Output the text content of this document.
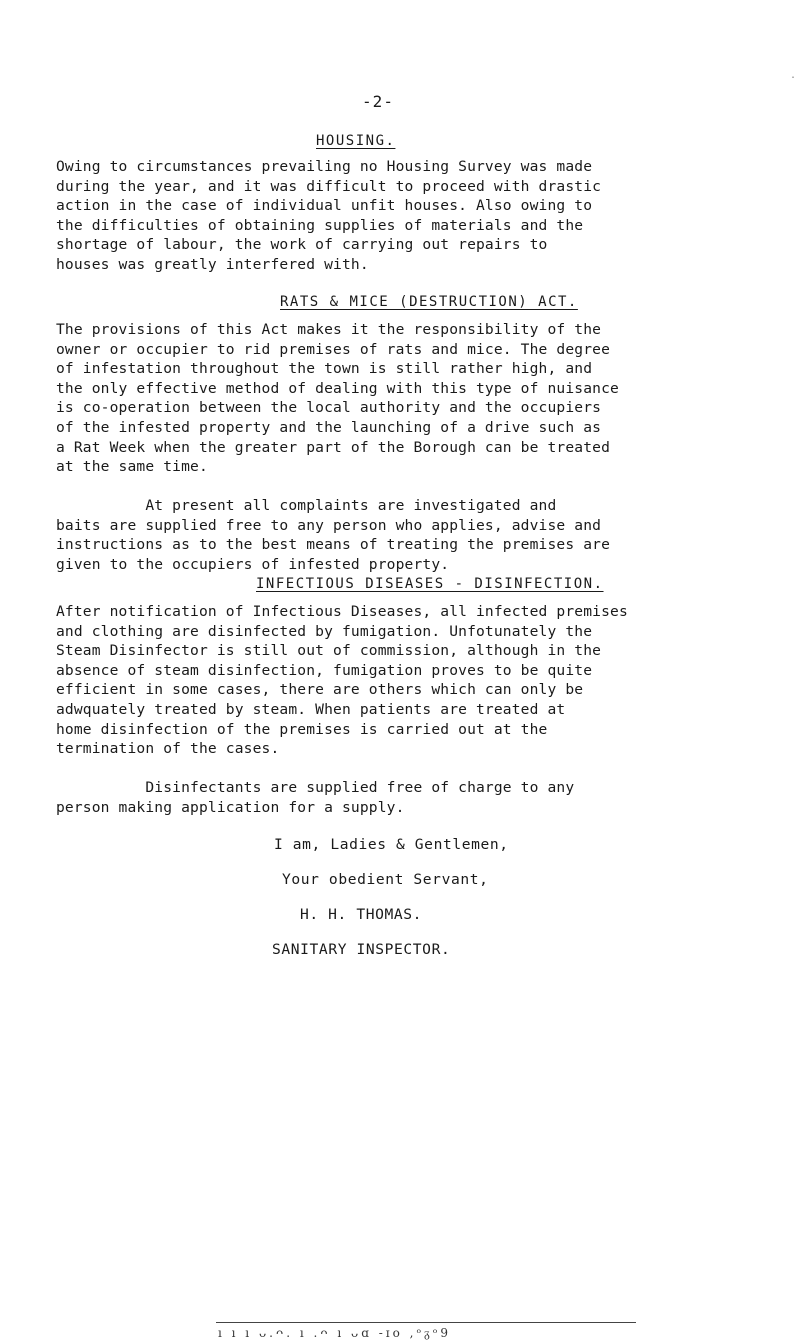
.
-2-
HOUSING.

Owing to circumstances prevailing no Housing Survey was made
during the year, and it was difficult to proceed with drastic
action in the case of individual unfit houses. Also owing to
the difficulties of obtaining supplies of materials and the
shortage of labour, the work of carrying out repairs to
houses was greatly interfered with.

RATS & MICE (DESTRUCTION) ACT.

The provisions of this Act makes it the responsibility of the
owner or occupier to rid premises of rats and mice. The degree
of infestation throughout the town is still rather high, and
the only effective method of dealing with this type of nuisance
is co-operation between the local authority and the occupiers
of the infested property and the launching of a drive such as
a Rat Week when the greater part of the Borough can be treated
at the same time.

At present all complaints are investigated and
baits are supplied free to any person who applies, advise and
instructions as to the best means of treating the premises are
given to the occupiers of infested property.

INFECTIOUS DISEASES - DISINFECTION.

After notification of Infectious Diseases, all infected premises
and clothing are disinfected by fumigation. Unfotunately the
Steam Disinfector is still out of commission, although in the
absence of steam disinfection, fumigation proves to be quite
efficient in some cases, there are others which can only be
adwquately treated by steam. When patients are treated at
home disinfection of the premises is carried out at the
termination of the cases.

Disinfectants are supplied free of charge to any
person making application for a supply.

I am, Ladies & Gentlemen,
Your obedient Servant,
H. H. THOMAS.
SANITARY INSPECTOR.
ı ı ı ᴗ.ᴖ. ı .ᴖ ı ᴗɑ -ɪo ,ᵒᵹᵒ9
